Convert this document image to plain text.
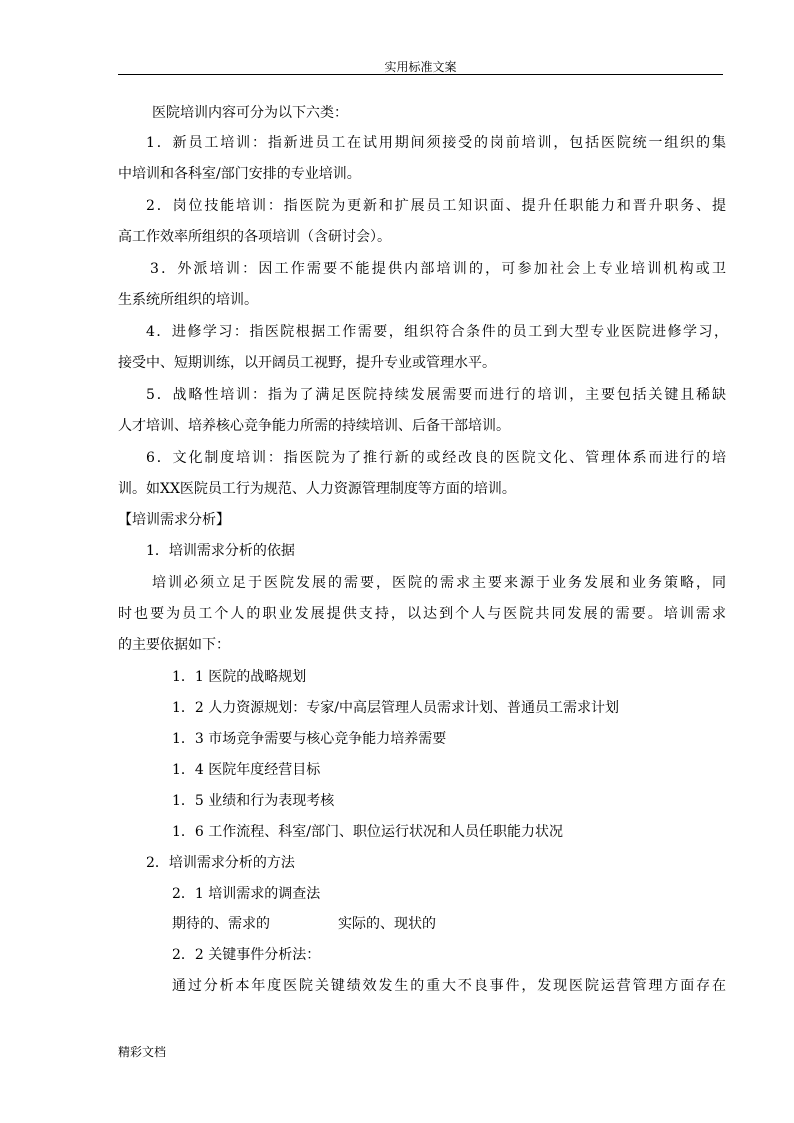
实用标准文案
医院培训内容可分为以下六类：
1．新员工培训：指新进员工在试用期间须接受的岗前培训，包括医院统一组织的集
中培训和各科室/部门安排的专业培训。
2．岗位技能培训：指医院为更新和扩展员工知识面、提升任职能力和晋升职务、提
高工作效率所组织的各项培训（含研讨会）。
3．外派培训：因工作需要不能提供内部培训的，可参加社会上专业培训机构或卫
生系统所组织的培训。
4．进修学习：指医院根据工作需要，组织符合条件的员工到大型专业医院进修学习，
接受中、短期训练，以开阔员工视野，提升专业或管理水平。
5．战略性培训：指为了满足医院持续发展需要而进行的培训，主要包括关键且稀缺
人才培训、培养核心竞争能力所需的持续培训、后备干部培训。
6．文化制度培训：指医院为了推行新的或经改良的医院文化、管理体系而进行的培
训。如XX医院员工行为规范、人力资源管理制度等方面的培训。
【培训需求分析】
1．培训需求分析的依据
培训必须立足于医院发展的需要，医院的需求主要来源于业务发展和业务策略，同
时也要为员工个人的职业发展提供支持，以达到个人与医院共同发展的需要。培训需求
的主要依据如下：
1．1 医院的战略规划
1．2 人力资源规划：专家/中高层管理人员需求计划、普通员工需求计划
1．3 市场竞争需要与核心竞争能力培养需要
1．4 医院年度经营目标
1．5 业绩和行为表现考核
1．6 工作流程、科室/部门、职位运行状况和人员任职能力状况
2．培训需求分析的方法
2．1 培训需求的调查法
期待的、需求的	实际的、现状的
2．2 关键事件分析法：
通过分析本年度医院关键绩效发生的重大不良事件，发现医院运营管理方面存在
精彩文档
